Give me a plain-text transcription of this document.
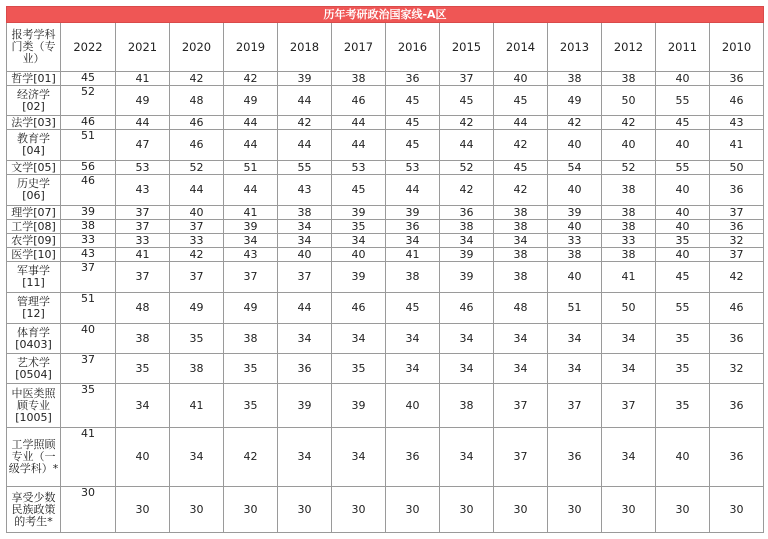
历年考研政治国家线-A区													
报考学科门类（专业）	2022	2021	2020	2019	2018	2017	2016	2015	2014	2013	2012	2011	2010
哲学[01]	45	41	42	42	39	38	36	37	40	38	38	40	36
经济学[02]	52	49	48	49	44	46	45	45	45	49	50	55	46
法学[03]	46	44	46	44	42	44	45	42	44	42	42	45	43
教育学[04]	51	47	46	44	44	44	45	44	42	40	40	40	41
文学[05]	56	53	52	51	55	53	53	52	45	54	52	55	50
历史学[06]	46	43	44	44	43	45	44	42	42	40	38	40	36
理学[07]	39	37	40	41	38	39	39	36	38	39	38	40	37
工学[08]	38	37	37	39	34	35	36	38	38	40	38	40	36
农学[09]	33	33	33	34	34	34	34	34	34	33	33	35	32
医学[10]	43	41	42	43	40	40	41	39	38	38	38	40	37
军事学[11]	37	37	37	37	37	39	38	39	38	40	41	45	42
管理学[12]	51	48	49	49	44	46	45	46	48	51	50	55	46
体育学[0403]	40	38	35	38	34	34	34	34	34	34	34	35	36
艺术学[0504]	37	35	38	35	36	35	34	34	34	34	34	35	32
中医类照顾专业[1005]	35	34	41	35	39	39	40	38	37	37	37	35	36
工学照顾专业（一级学科）*	41	40	34	42	34	34	36	34	37	36	34	40	36
享受少数民族政策的考生*	30	30	30	30	30	30	30	30	30	30	30	30	30
